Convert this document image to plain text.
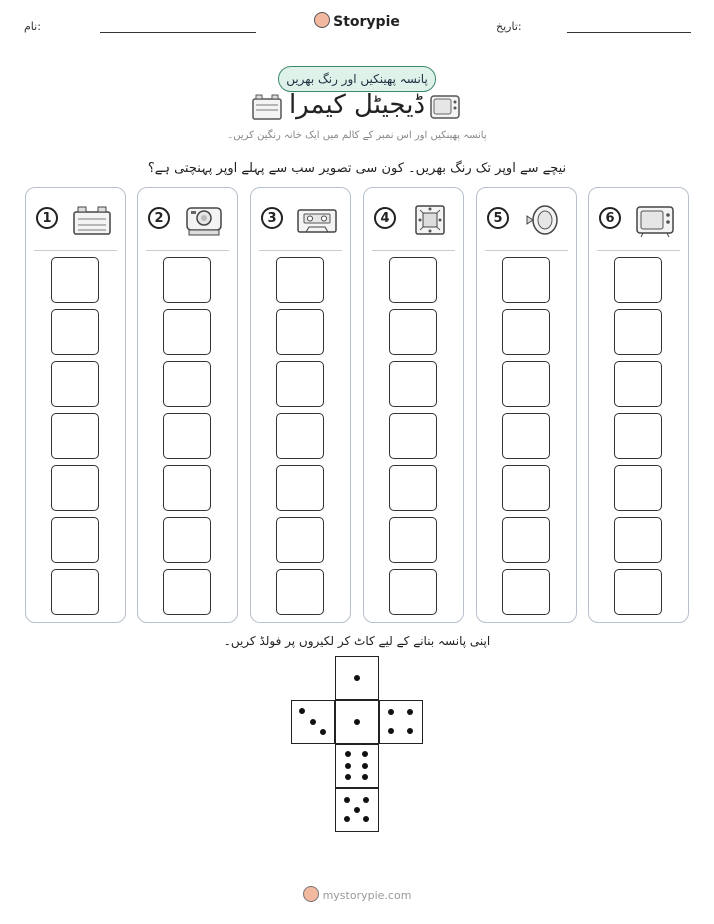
نام:	Storypie	تاریخ:
پانسہ پھینکیں اور رنگ بھریں
ڈیجیٹل کیمرا
پانسہ پھینکیں اور اس نمبر کے کالم میں ایک خانہ رنگین کریں۔
نیچے سے اوپر تک رنگ بھریں۔ کون سی تصویر سب سے پہلے اوپر پہنچتی ہے؟
1	2	3	4	5	6
اپنی پانسہ بنانے کے لیے کاٹ کر لکیروں پر فولڈ کریں۔
mystorypie.com
